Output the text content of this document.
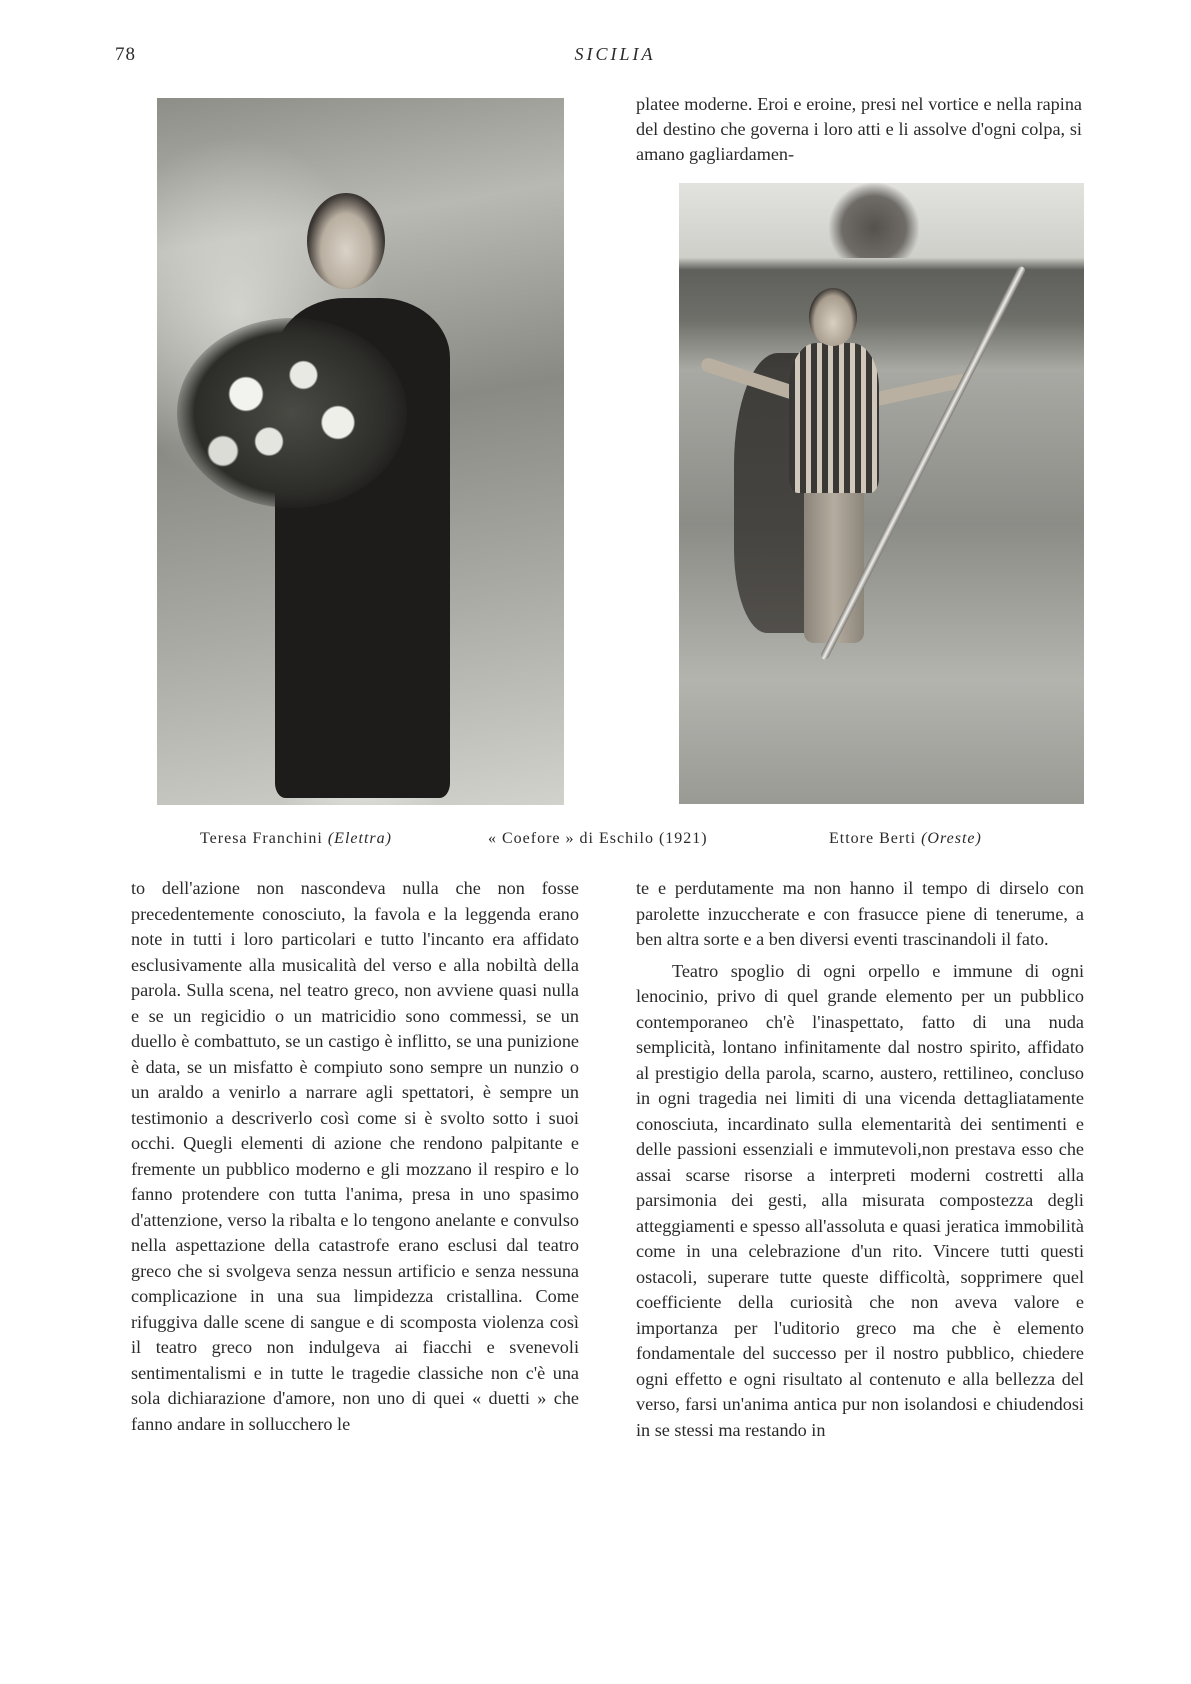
78	SICILIA
platee moderne. Eroi e eroine, presi nel vortice e nella rapina del destino che governa i loro atti e li assolve d'ogni colpa, si amano gagliardamen-
Teresa Franchini (Elettra)	« Coefore » di Eschilo (1921)	Ettore Berti (Oreste)

to dell'azione non nascondeva nulla che non fosse precedentemente conosciuto, la favola e la leggenda erano note in tutti i loro particolari e tutto l'incanto era affidato esclusivamente alla musicalità del verso e alla nobiltà della parola. Sulla scena, nel teatro greco, non avviene quasi nulla e se un regicidio o un matricidio sono commessi, se un duello è combattuto, se un castigo è inflitto, se una punizione è data, se un misfatto è compiuto sono sempre un nunzio o un araldo a venirlo a narrare agli spettatori, è sempre un testimonio a descriverlo così come si è svolto sotto i suoi occhi. Quegli elementi di azione che rendono palpitante e fremente un pubblico moderno e gli mozzano il respiro e lo fanno protendere con tutta l'anima, presa in uno spasimo d'attenzione, verso la ribalta e lo tengono anelante e convulso nella aspettazione della catastrofe erano esclusi dal teatro greco che si svolgeva senza nessun artificio e senza nessuna complicazione in una sua limpidezza cristallina. Come rifuggiva dalle scene di sangue e di scomposta violenza così il teatro greco non indulgeva ai fiacchi e svenevoli sentimentalismi e in tutte le tragedie classiche non c'è una sola dichiarazione d'amore, non uno di quei « duetti » che fanno andare in sollucchero le

te e perdutamente ma non hanno il tempo di dirselo con parolette inzuccherate e con frasucce piene di tenerume, a ben altra sorte e a ben diversi eventi trascinandoli il fato.

Teatro spoglio di ogni orpello e immune di ogni lenocinio, privo di quel grande elemento per un pubblico contemporaneo ch'è l'inaspettato, fatto di una nuda semplicità, lontano infinitamente dal nostro spirito, affidato al prestigio della parola, scarno, austero, rettilineo, concluso in ogni tragedia nei limiti di una vicenda dettagliatamente conosciuta, incardinato sulla elementarità dei sentimenti e delle passioni essenziali e immutevoli,non prestava esso che assai scarse risorse a interpreti moderni costretti alla parsimonia dei gesti, alla misurata compostezza degli atteggiamenti e spesso all'assoluta e quasi jeratica immobilità come in una celebrazione d'un rito. Vincere tutti questi ostacoli, superare tutte queste difficoltà, sopprimere quel coefficiente della curiosità che non aveva valore e importanza per l'uditorio greco ma che è elemento fondamentale del successo per il nostro pubblico, chiedere ogni effetto e ogni risultato al contenuto e alla bellezza del verso, farsi un'anima antica pur non isolandosi e chiudendosi in se stessi ma restando in
